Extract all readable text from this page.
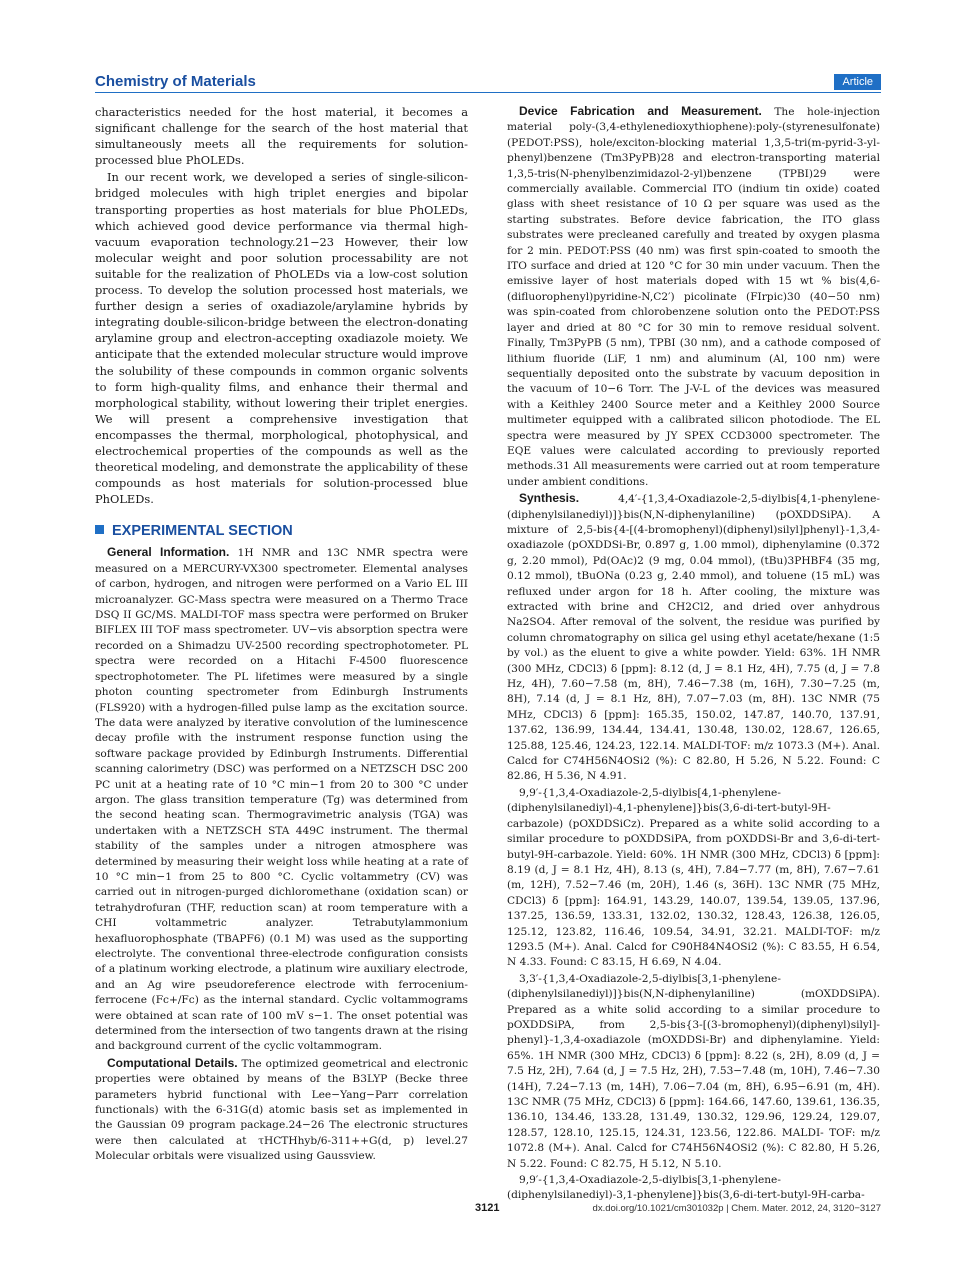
Chemistry of Materials	Article

characteristics needed for the host material, it becomes a significant challenge for the search of the host material that simultaneously meets all the requirements for solution-processed blue PhOLEDs.

In our recent work, we developed a series of single-silicon-bridged molecules with high triplet energies and bipolar transporting properties as host materials for blue PhOLEDs, which achieved good device performance via thermal high-vacuum evaporation technology.21−23 However, their low molecular weight and poor solution processability are not suitable for the realization of PhOLEDs via a low-cost solution process. To develop the solution processed host materials, we further design a series of oxadiazole/arylamine hybrids by integrating double-silicon-bridge between the electron-donating arylamine group and electron-accepting oxadiazole moiety. We anticipate that the extended molecular structure would improve the solubility of these compounds in common organic solvents to form high-quality films, and enhance their thermal and morphological stability, without lowering their triplet energies. We will present a comprehensive investigation that encompasses the thermal, morphological, photophysical, and electrochemical properties of the compounds as well as the theoretical modeling, and demonstrate the applicability of these compounds as host materials for solution-processed blue PhOLEDs.

EXPERIMENTAL SECTION

General Information. 1H NMR and 13C NMR spectra were measured on a MERCURY-VX300 spectrometer. Elemental analyses of carbon, hydrogen, and nitrogen were performed on a Vario EL III microanalyzer. GC-Mass spectra were measured on a Thermo Trace DSQ II GC/MS. MALDI-TOF mass spectra were performed on Bruker BIFLEX III TOF mass spectrometer. UV−vis absorption spectra were recorded on a Shimadzu UV-2500 recording spectrophotometer. PL spectra were recorded on a Hitachi F-4500 fluorescence spectrophotometer. The PL lifetimes were measured by a single photon counting spectrometer from Edinburgh Instruments (FLS920) with a hydrogen-filled pulse lamp as the excitation source. The data were analyzed by iterative convolution of the luminescence decay profile with the instrument response function using the software package provided by Edinburgh Instruments. Differential scanning calorimetry (DSC) was performed on a NETZSCH DSC 200 PC unit at a heating rate of 10 °C min−1 from 20 to 300 °C under argon. The glass transition temperature (Tg) was determined from the second heating scan. Thermogravimetric analysis (TGA) was undertaken with a NETZSCH STA 449C instrument. The thermal stability of the samples under a nitrogen atmosphere was determined by measuring their weight loss while heating at a rate of 10 °C min−1 from 25 to 800 °C. Cyclic voltammetry (CV) was carried out in nitrogen-purged dichloromethane (oxidation scan) or tetrahydrofuran (THF, reduction scan) at room temperature with a CHI voltammetric analyzer. Tetrabutylammonium hexafluorophosphate (TBAPF6) (0.1 M) was used as the supporting electrolyte. The conventional three-electrode configuration consists of a platinum working electrode, a platinum wire auxiliary electrode, and an Ag wire pseudoreference electrode with ferrocenium-ferrocene (Fc+/Fc) as the internal standard. Cyclic voltammograms were obtained at scan rate of 100 mV s−1. The onset potential was determined from the intersection of two tangents drawn at the rising and background current of the cyclic voltammogram.

Computational Details. The optimized geometrical and electronic properties were obtained by means of the B3LYP (Becke three parameters hybrid functional with Lee−Yang−Parr correlation functionals) with the 6-31G(d) atomic basis set as implemented in the Gaussian 09 program package.24−26 The electronic structures were then calculated at τHCTHhyb/6-311++G(d, p) level.27 Molecular orbitals were visualized using Gaussview.

Device Fabrication and Measurement. The hole-injection material poly-(3,4-ethylenedioxythiophene):poly-(styrenesulfonate) (PEDOT:PSS), hole/exciton-blocking material 1,3,5-tri(m-pyrid-3-yl-phenyl)benzene (Tm3PyPB)28 and electron-transporting material 1,3,5-tris(N-phenylbenzimidazol-2-yl)benzene (TPBI)29 were commercially available. Commercial ITO (indium tin oxide) coated glass with sheet resistance of 10 Ω per square was used as the starting substrates. Before device fabrication, the ITO glass substrates were precleaned carefully and treated by oxygen plasma for 2 min. PEDOT:PSS (40 nm) was first spin-coated to smooth the ITO surface and dried at 120 °C for 30 min under vacuum. Then the emissive layer of host materials doped with 15 wt % bis(4,6-(difluorophenyl)pyridine-N,C2′) picolinate (FIrpic)30 (40−50 nm) was spin-coated from chlorobenzene solution onto the PEDOT:PSS layer and dried at 80 °C for 30 min to remove residual solvent. Finally, Tm3PyPB (5 nm), TPBI (30 nm), and a cathode composed of lithium fluoride (LiF, 1 nm) and aluminum (Al, 100 nm) were sequentially deposited onto the substrate by vacuum deposition in the vacuum of 10−6 Torr. The J-V-L of the devices was measured with a Keithley 2400 Source meter and a Keithley 2000 Source multimeter equipped with a calibrated silicon photodiode. The EL spectra were measured by JY SPEX CCD3000 spectrometer. The EQE values were calculated according to previously reported methods.31 All measurements were carried out at room temperature under ambient conditions.

Synthesis.	4,4′-{1,3,4-Oxadiazole-2,5-diylbis[4,1-phenylene-(diphenylsilanediyl)]}bis(N,N-diphenylaniline) (pOXDDSiPA). A mixture of 2,5-bis{4-[(4-bromophenyl)(diphenyl)silyl]phenyl}-1,3,4-oxadiazole (pOXDDSi-Br, 0.897 g, 1.00 mmol), diphenylamine (0.372 g, 2.20 mmol), Pd(OAc)2 (9 mg, 0.04 mmol), (tBu)3PHBF4 (35 mg, 0.12 mmol), tBuONa (0.23 g, 2.40 mmol), and toluene (15 mL) was refluxed under argon for 18 h. After cooling, the mixture was extracted with brine and CH2Cl2, and dried over anhydrous Na2SO4. After removal of the solvent, the residue was purified by column chromatography on silica gel using ethyl acetate/hexane (1:5 by vol.) as the eluent to give a white powder. Yield: 63%. 1H NMR (300 MHz, CDCl3) δ [ppm]: 8.12 (d, J = 8.1 Hz, 4H), 7.75 (d, J = 7.8 Hz, 4H), 7.60−7.58 (m, 8H), 7.46−7.38 (m, 16H), 7.30−7.25 (m, 8H), 7.14 (d, J = 8.1 Hz, 8H), 7.07−7.03 (m, 8H). 13C NMR (75 MHz, CDCl3) δ [ppm]: 165.35, 150.02, 147.87, 140.70, 137.91, 137.62, 136.99, 134.44, 134.41, 130.48, 130.02, 128.67, 126.65, 125.88, 125.46, 124.23, 122.14. MALDI-TOF: m/z 1073.3 (M+). Anal. Calcd for C74H56N4OSi2 (%): C 82.80, H 5.26, N 5.22. Found: C 82.86, H 5.36, N 4.91.

9,9′-{1,3,4-Oxadiazole-2,5-diylbis[4,1-phenylene-(diphenylsilanediyl)-4,1-phenylene]}bis(3,6-di-tert-butyl-9H-carbazole) (pOXDDSiCz). Prepared as a white solid according to a similar procedure to pOXDDSiPA, from pOXDDSi-Br and 3,6-di-tert-butyl-9H-carbazole. Yield: 60%. 1H NMR (300 MHz, CDCl3) δ [ppm]: 8.19 (d, J = 8.1 Hz, 4H), 8.13 (s, 4H), 7.84−7.77 (m, 8H), 7.67−7.61 (m, 12H), 7.52−7.46 (m, 20H), 1.46 (s, 36H). 13C NMR (75 MHz, CDCl3) δ [ppm]: 164.91, 143.29, 140.07, 139.54, 139.05, 137.96, 137.25, 136.59, 133.31, 132.02, 130.32, 128.43, 126.38, 126.05, 125.12, 123.82, 116.46, 109.54, 34.91, 32.21. MALDI-TOF: m/z 1293.5 (M+). Anal. Calcd for C90H84N4OSi2 (%): C 83.55, H 6.54, N 4.33. Found: C 83.15, H 6.69, N 4.04.

3,3′-{1,3,4-Oxadiazole-2,5-diylbis[3,1-phenylene-(diphenylsilanediyl)]}bis(N,N-diphenylaniline) (mOXDDSiPA). Prepared as a white solid according to a similar procedure to pOXDDSiPA, from 2,5-bis{3-[(3-bromophenyl)(diphenyl)silyl]-phenyl}-1,3,4-oxadiazole (mOXDDSi-Br) and diphenylamine. Yield: 65%. 1H NMR (300 MHz, CDCl3) δ [ppm]: 8.22 (s, 2H), 8.09 (d, J = 7.5 Hz, 2H), 7.64 (d, J = 7.5 Hz, 2H), 7.53−7.48 (m, 10H), 7.46−7.30 (14H), 7.24−7.13 (m, 14H), 7.06−7.04 (m, 8H), 6.95−6.91 (m, 4H). 13C NMR (75 MHz, CDCl3) δ [ppm]: 164.66, 147.60, 139.61, 136.35, 136.10, 134.46, 133.28, 131.49, 130.32, 129.96, 129.24, 129.07, 128.57, 128.10, 125.15, 124.31, 123.56, 122.86. MALDI- TOF: m/z 1072.8 (M+). Anal. Calcd for C74H56N4OSi2 (%): C 82.80, H 5.26, N 5.22. Found: C 82.75, H 5.12, N 5.10.

9,9′-{1,3,4-Oxadiazole-2,5-diylbis[3,1-phenylene-(diphenylsilanediyl)-3,1-phenylene]}bis(3,6-di-tert-butyl-9H-carba-

3121	dx.doi.org/10.1021/cm301032p | Chem. Mater. 2012, 24, 3120−3127
